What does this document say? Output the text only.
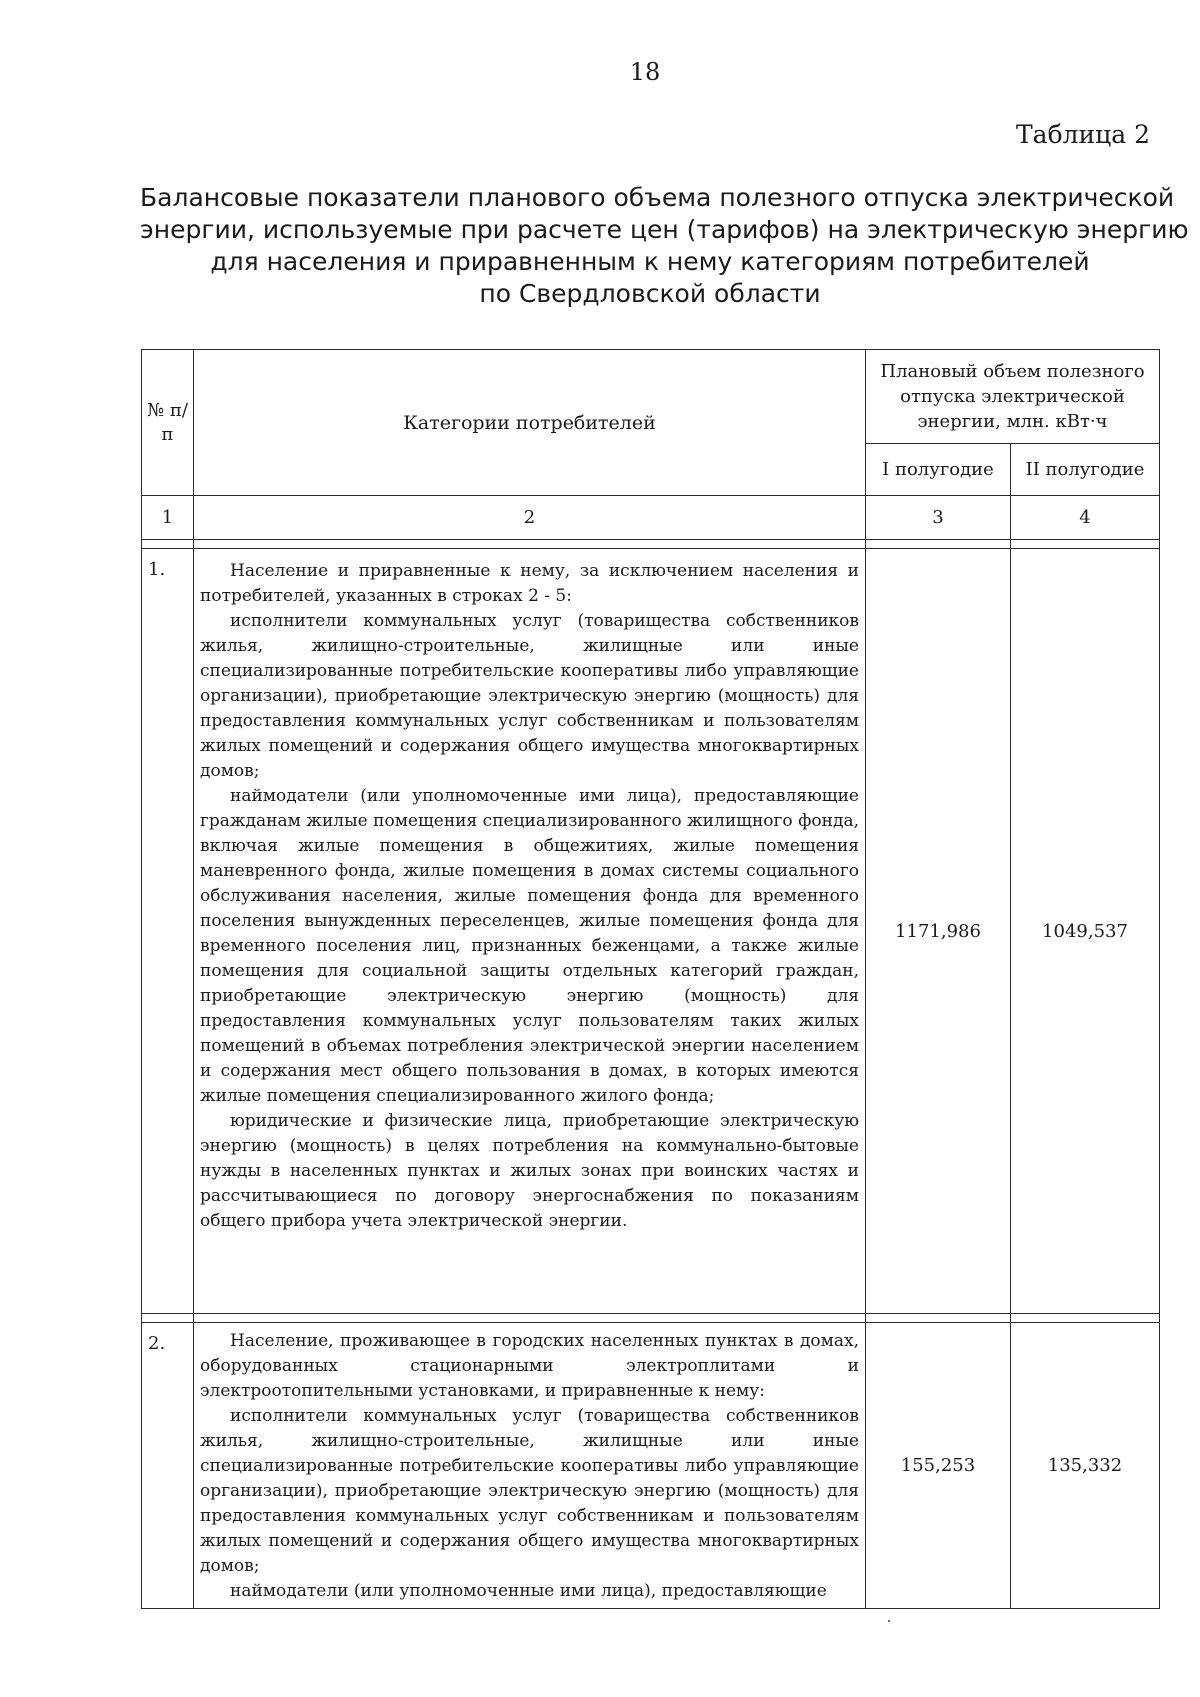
18
Таблица 2
Балансовые показатели планового объема полезного отпуска электрической
энергии, используемые при расчете цен (тарифов) на электрическую энергию
для населения и приравненным к нему категориям потребителей
по Свердловской области
№ п/п	Категории потребителей	Плановый объем полезного отпуска электрической энергии, млн. кВт·ч	
		I полугодие	II полугодие
1	2	3	4

1.	Население и приравненные к нему, за исключением населения и потребителей, указанных в строках 2 - 5:

исполнители коммунальных услуг (товарищества собственников жилья, жилищно-строительные, жилищные или иные специализированные потребительские кооперативы либо управляющие организации), приобретающие электрическую энергию (мощность) для предоставления коммунальных услуг собственникам и пользователям жилых помещений и содержания общего имущества многоквартирных домов;

наймодатели (или уполномоченные ими лица), предоставляющие гражданам жилые помещения специализированного жилищного фонда, включая жилые помещения в общежитиях, жилые помещения маневренного фонда, жилые помещения в домах системы социального обслуживания населения, жилые помещения фонда для временного поселения вынужденных переселенцев, жилые помещения фонда для временного поселения лиц, признанных беженцами, а также жилые помещения для социальной защиты отдельных категорий граждан, приобретающие электрическую энергию (мощность) для предоставления коммунальных услуг пользователям таких жилых помещений в объемах потребления электрической энергии населением и содержания мест общего пользования в домах, в которых имеются жилые помещения специализированного жилого фонда;

юридические и физические лица, приобретающие электрическую энергию (мощность) в целях потребления на коммунально-бытовые нужды в населенных пунктах и жилых зонах при воинских частях и рассчитывающиеся по договору энергоснабжения по показаниям общего прибора учета электрической энергии.	1171,986	1049,537

2.	Население, проживающее в городских населенных пунктах в домах, оборудованных стационарными электроплитами и электроотопительными установками, и приравненные к нему:

исполнители коммунальных услуг (товарищества собственников жилья, жилищно-строительные, жилищные или иные специализированные потребительские кооперативы либо управляющие организации), приобретающие электрическую энергию (мощность) для предоставления коммунальных услуг собственникам и пользователям жилых помещений и содержания общего имущества многоквартирных домов;

наймодатели (или уполномоченные ими лица), предоставляющие	155,253	135,332
